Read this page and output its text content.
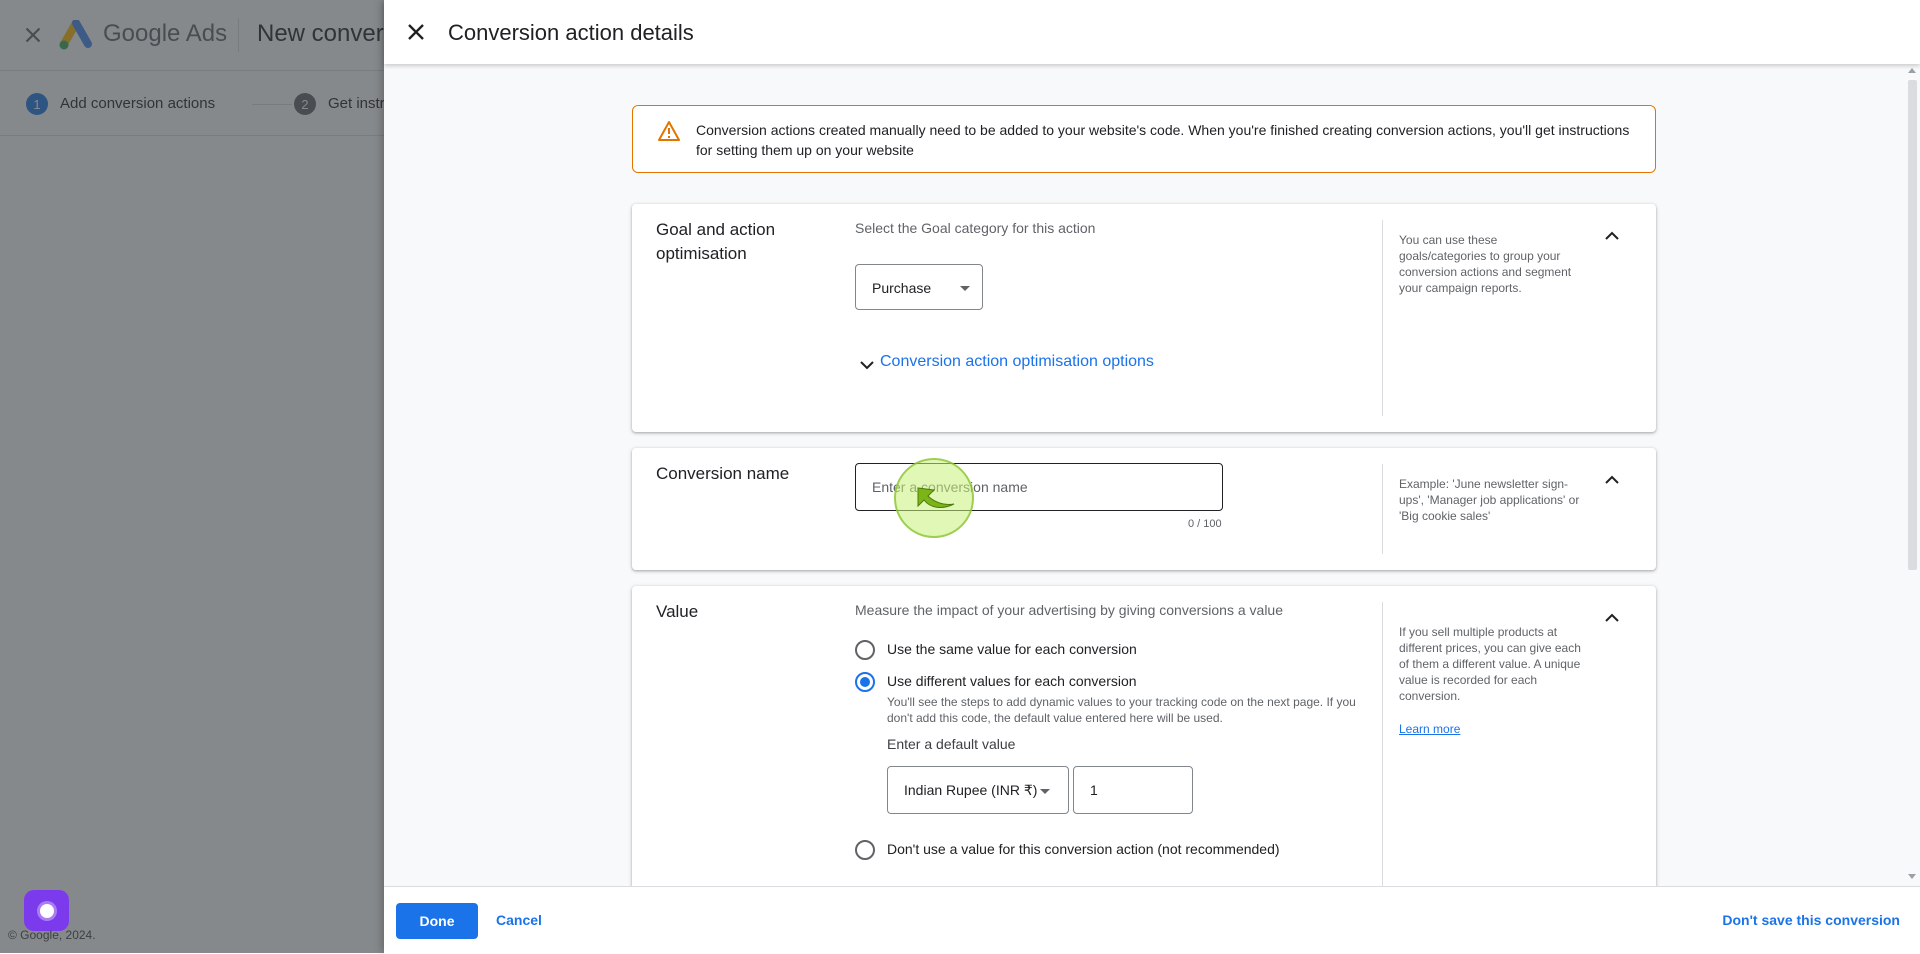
© Google, 2024.
Conversion action details
Conversion actions created manually need to be added to your website's code. When you're finished creating conversion actions, you'll get instructions for setting them up on your website
Goal and action optimisation
Select the Goal category for this action
Purchase
Conversion action optimisation options
You can use these goals/categories to group your conversion actions and segment your campaign reports.
Conversion name
Enter a conversion name
0 / 100
Example: 'June newsletter sign-ups', 'Manager job applications' or 'Big cookie sales'
Value	Measure the impact of your advertising by giving conversions a value
Use the same value for each conversion
Use different values for each conversion
You'll see the steps to add dynamic values to your tracking code on the next page. If you don't add this code, the default value entered here will be used.
Enter a default value
Indian Rupee (INR ₹)
1
Don't use a value for this conversion action (not recommended)
If you sell multiple products at different prices, you can give each of them a different value. A unique value is recorded for each conversion.
Learn more
Done	Cancel	Don't save this conversion
